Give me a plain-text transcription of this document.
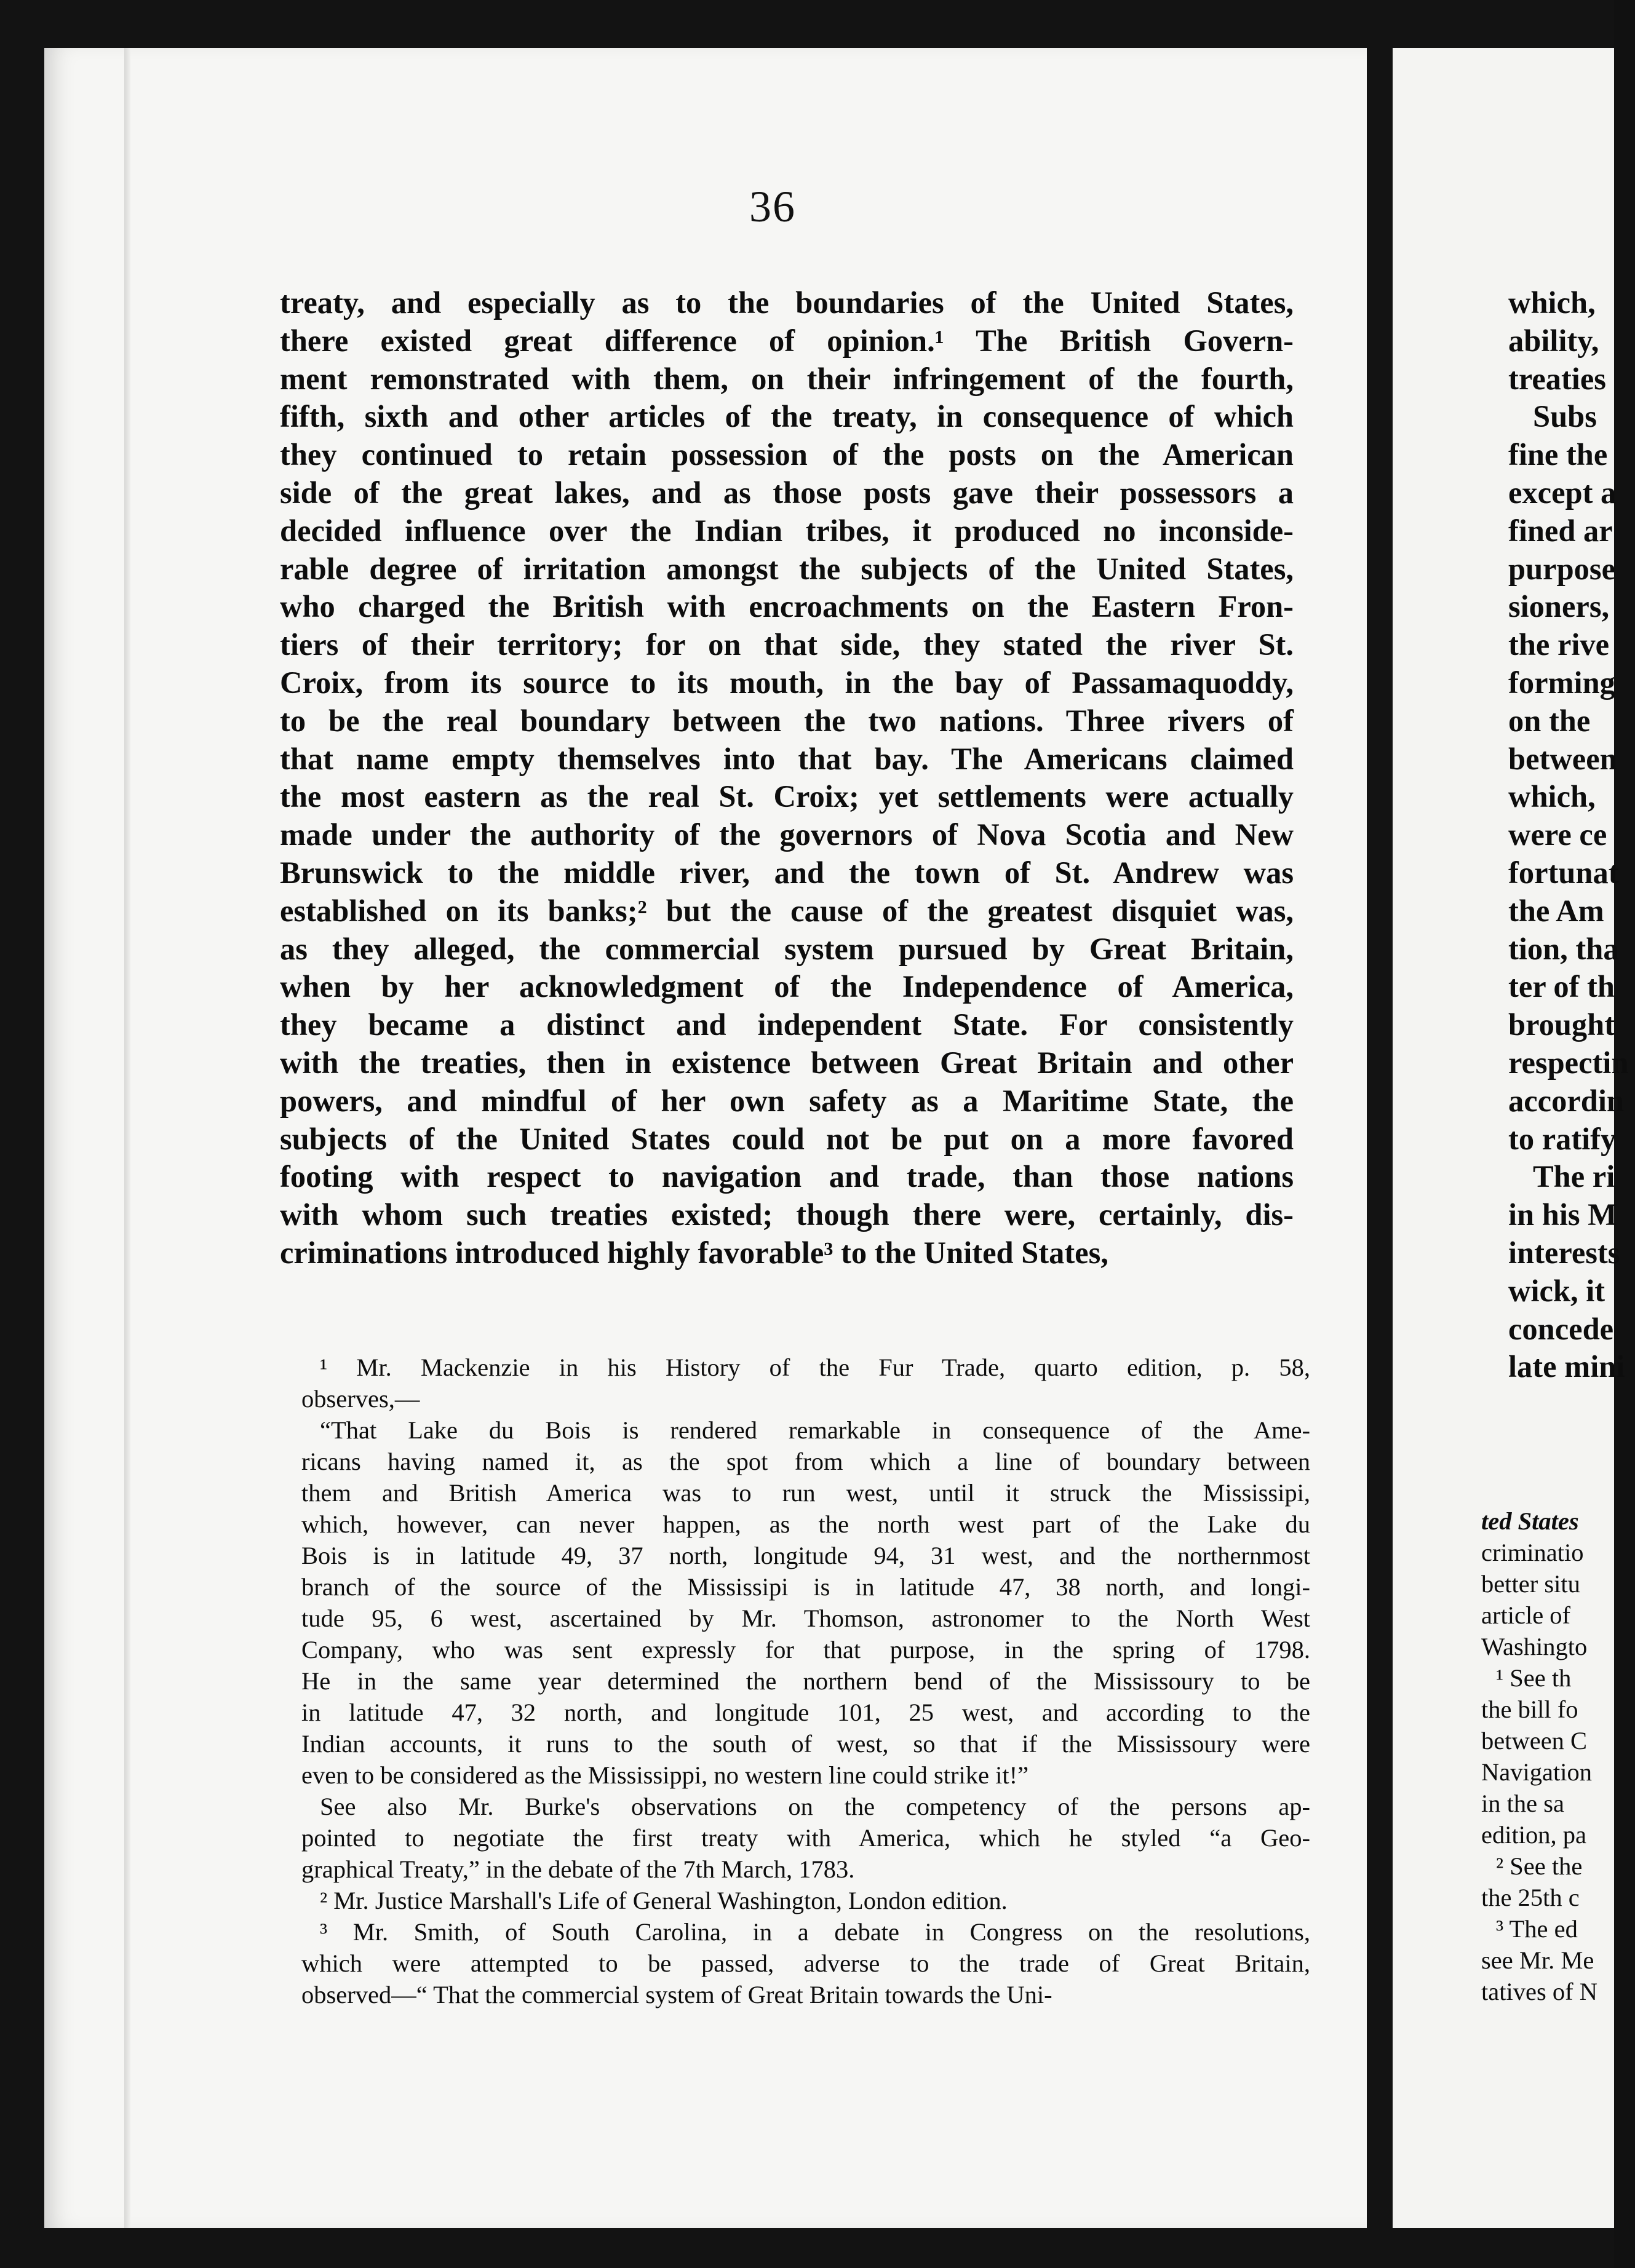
36
treaty, and especially as to the boundaries of the United States,
there existed great difference of opinion.¹ The British Govern-
ment remonstrated with them, on their infringement of the fourth,
fifth, sixth and other articles of the treaty, in consequence of which
they continued to retain possession of the posts on the American
side of the great lakes, and as those posts gave their possessors a
decided influence over the Indian tribes, it produced no inconside-
rable degree of irritation amongst the subjects of the United States,
who charged the British with encroachments on the Eastern Fron-
tiers of their territory; for on that side, they stated the river St.
Croix, from its source to its mouth, in the bay of Passamaquoddy,
to be the real boundary between the two nations. Three rivers of
that name empty themselves into that bay. The Americans claimed
the most eastern as the real St. Croix; yet settlements were actually
made under the authority of the governors of Nova Scotia and New
Brunswick to the middle river, and the town of St. Andrew was
established on its banks;² but the cause of the greatest disquiet was,
as they alleged, the commercial system pursued by Great Britain,
when by her acknowledgment of the Independence of America,
they became a distinct and independent State. For consistently
with the treaties, then in existence between Great Britain and other
powers, and mindful of her own safety as a Maritime State, the
subjects of the United States could not be put on a more favored
footing with respect to navigation and trade, than those nations
with whom such treaties existed; though there were, certainly, dis-
criminations introduced highly favorable³ to the United States,
¹ Mr. Mackenzie in his History of the Fur Trade, quarto edition, p. 58,
observes,—
“That Lake du Bois is rendered remarkable in consequence of the Ame-
ricans having named it, as the spot from which a line of boundary between
them and British America was to run west, until it struck the Mississipi,
which, however, can never happen, as the north west part of the Lake du
Bois is in latitude 49, 37 north, longitude 94, 31 west, and the northernmost
branch of the source of the Mississipi is in latitude 47, 38 north, and longi-
tude 95, 6 west, ascertained by Mr. Thomson, astronomer to the North West
Company, who was sent expressly for that purpose, in the spring of 1798.
He in the same year determined the northern bend of the Mississoury to be
in latitude 47, 32 north, and longitude 101, 25 west, and according to the
Indian accounts, it runs to the south of west, so that if the Mississoury were
even to be considered as the Mississippi, no western line could strike it!”
See also Mr. Burke's observations on the competency of the persons ap-
pointed to negotiate the first treaty with America, which he styled “a Geo-
graphical Treaty,” in the debate of the 7th March, 1783.
² Mr. Justice Marshall's Life of General Washington, London edition.
³ Mr. Smith, of South Carolina, in a debate in Congress on the resolutions,
which were attempted to be passed, adverse to the trade of Great Britain,
observed—“ That the commercial system of Great Britain towards the Uni-
which,
ability,
treaties
Subs
fine the
except a
fined ar
purpose
sioners,
the rive
forming
on the
between
which,
were ce
fortunat
the Am
tion, tha
ter of th
brought
respectin
accordin
to ratify
The ri
in his M
interests
wick, it
concede
late mini
ted States
criminatio
better situ
article of
Washingto
¹ See th
the bill fo
between C
Navigation
in the sa
edition, pa
² See the
the 25th c
³ The ed
see Mr. Me
tatives of N
